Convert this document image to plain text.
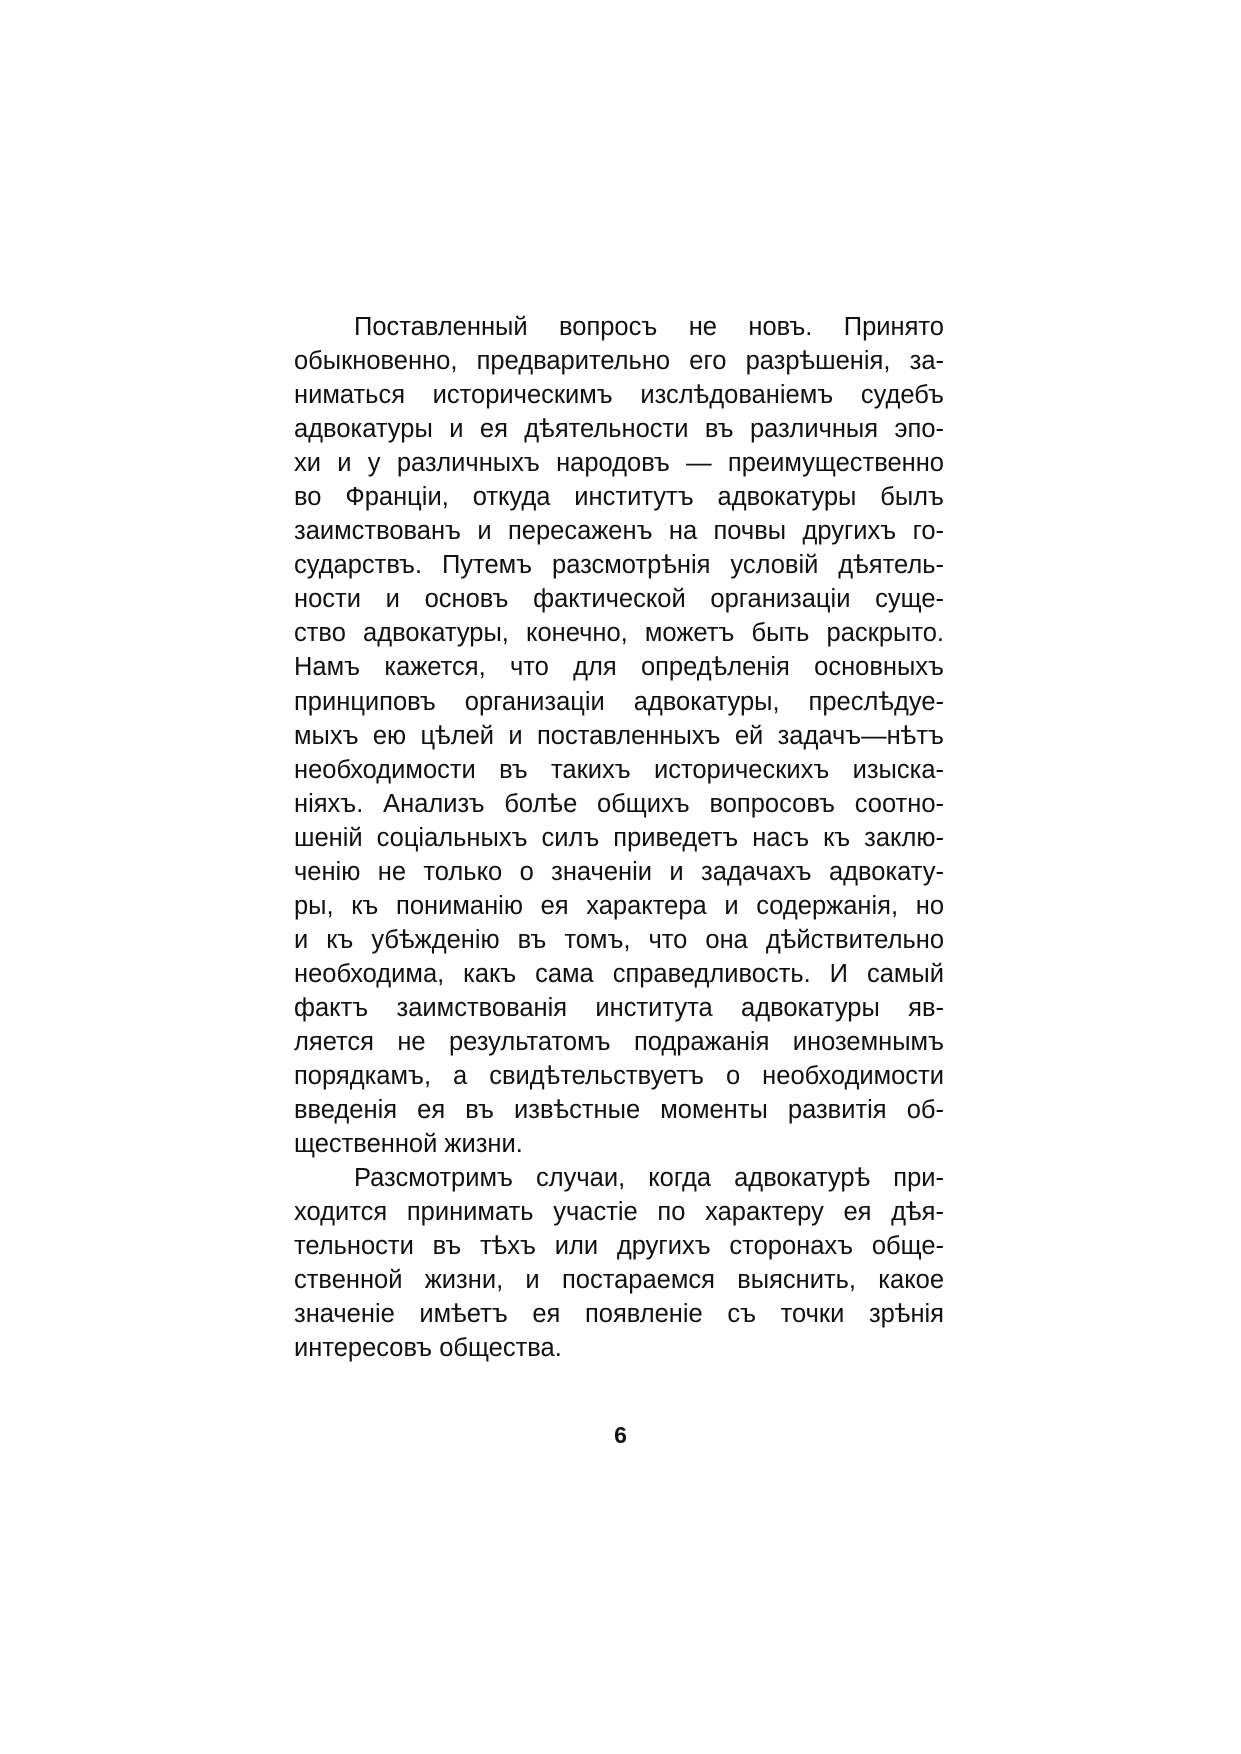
Поставленный вопросъ не новъ. Принято
обыкновенно, предварительно его разрѣшенія, за-
ниматься историческимъ изслѣдованіемъ судебъ
адвокатуры и ея дѣятельности въ различныя эпо-
хи и у различныхъ народовъ — преимущественно
во Франціи, откуда институтъ адвокатуры былъ
заимствованъ и пересаженъ на почвы другихъ го-
сударствъ. Путемъ разсмотрѣнія условій дѣятель-
ности и основъ фактической организаціи суще-
ство адвокатуры, конечно, можетъ быть раскрыто.
Намъ кажется, что для опредѣленія основныхъ
принциповъ организаціи адвокатуры, преслѣдуе-
мыхъ ею цѣлей и поставленныхъ ей задачъ—нѣтъ
необходимости въ такихъ историческихъ изыска-
ніяхъ. Анализъ болѣе общихъ вопросовъ соотно-
шеній соціальныхъ силъ приведетъ насъ къ заклю-
ченію не только о значеніи и задачахъ адвокату-
ры, къ пониманію ея характера и содержанія, но
и къ убѣжденію въ томъ, что она дѣйствительно
необходима, какъ сама справедливость. И самый
фактъ заимствованія института адвокатуры яв-
ляется не результатомъ подражанія иноземнымъ
порядкамъ, а свидѣтельствуетъ о необходимости
введенія ея въ извѣстные моменты развитія об-
щественной жизни.
Разсмотримъ случаи, когда адвокатурѣ при-
ходится принимать участіе по характеру ея дѣя-
тельности въ тѣхъ или другихъ сторонахъ обще-
ственной жизни, и постараемся выяснить, какое
значеніе имѣетъ ея появленіе съ точки зрѣнія
интересовъ общества.
6
